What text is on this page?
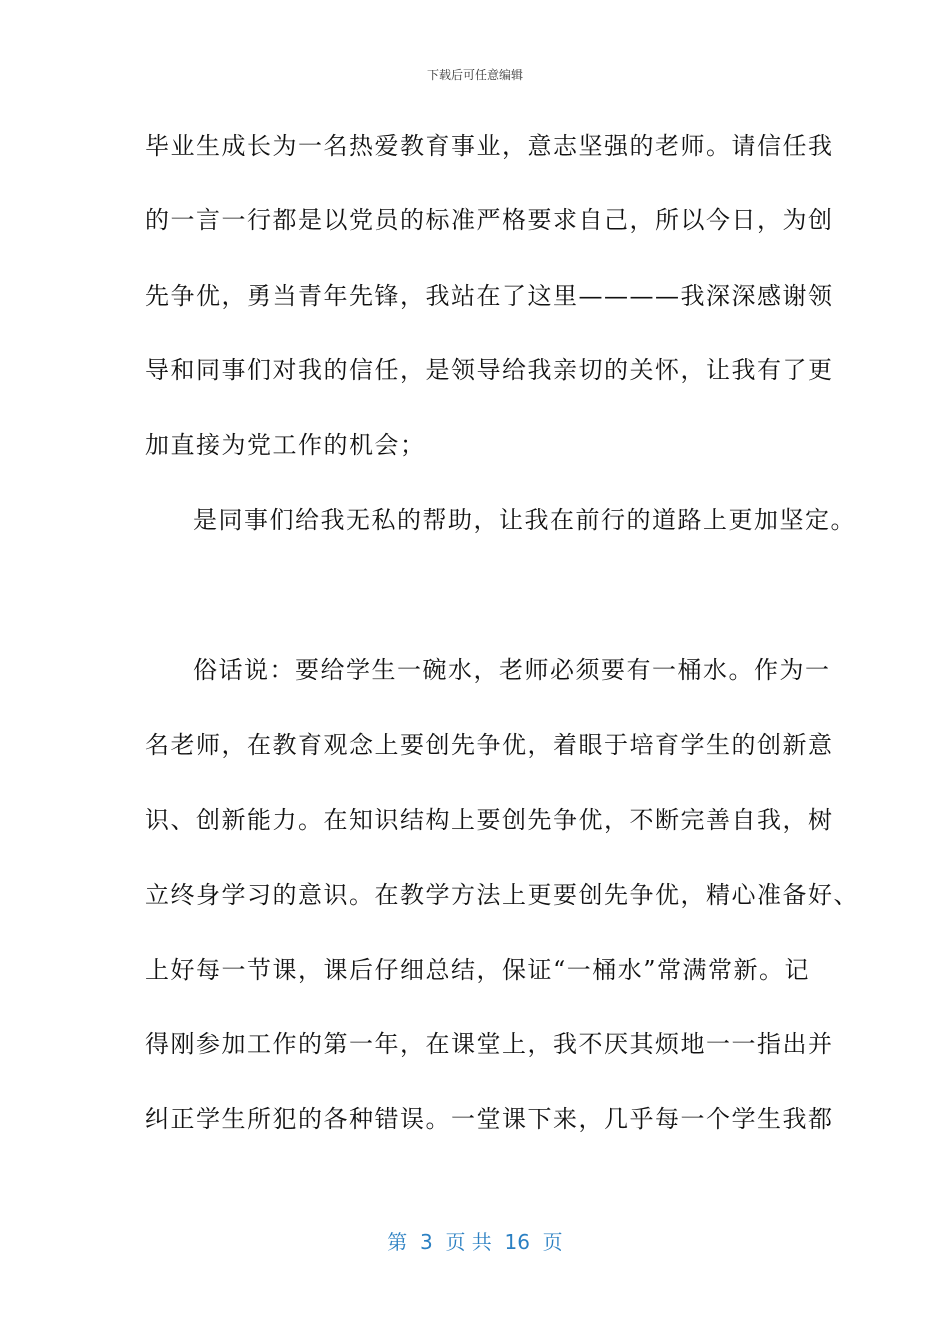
下载后可任意编辑
毕业生成长为一名热爱教育事业，意志坚强的老师。请信任我
的一言一行都是以党员的标准严格要求自己，所以今日，为创
先争优，勇当青年先锋，我站在了这里————我深深感谢领
导和同事们对我的信任，是领导给我亲切的关怀，让我有了更
加直接为党工作的机会；
是同事们给我无私的帮助，让我在前行的道路上更加坚定。
俗话说：要给学生一碗水，老师必须要有一桶水。作为一
名老师，在教育观念上要创先争优，着眼于培育学生的创新意
识、创新能力。在知识结构上要创先争优，不断完善自我，树
立终身学习的意识。在教学方法上更要创先争优，精心准备好、
上好每一节课，课后仔细总结，保证“一桶水”常满常新。记
得刚参加工作的第一年，在课堂上，我不厌其烦地一一指出并
纠正学生所犯的各种错误。一堂课下来，几乎每一个学生我都
第  3  页 共  16  页
